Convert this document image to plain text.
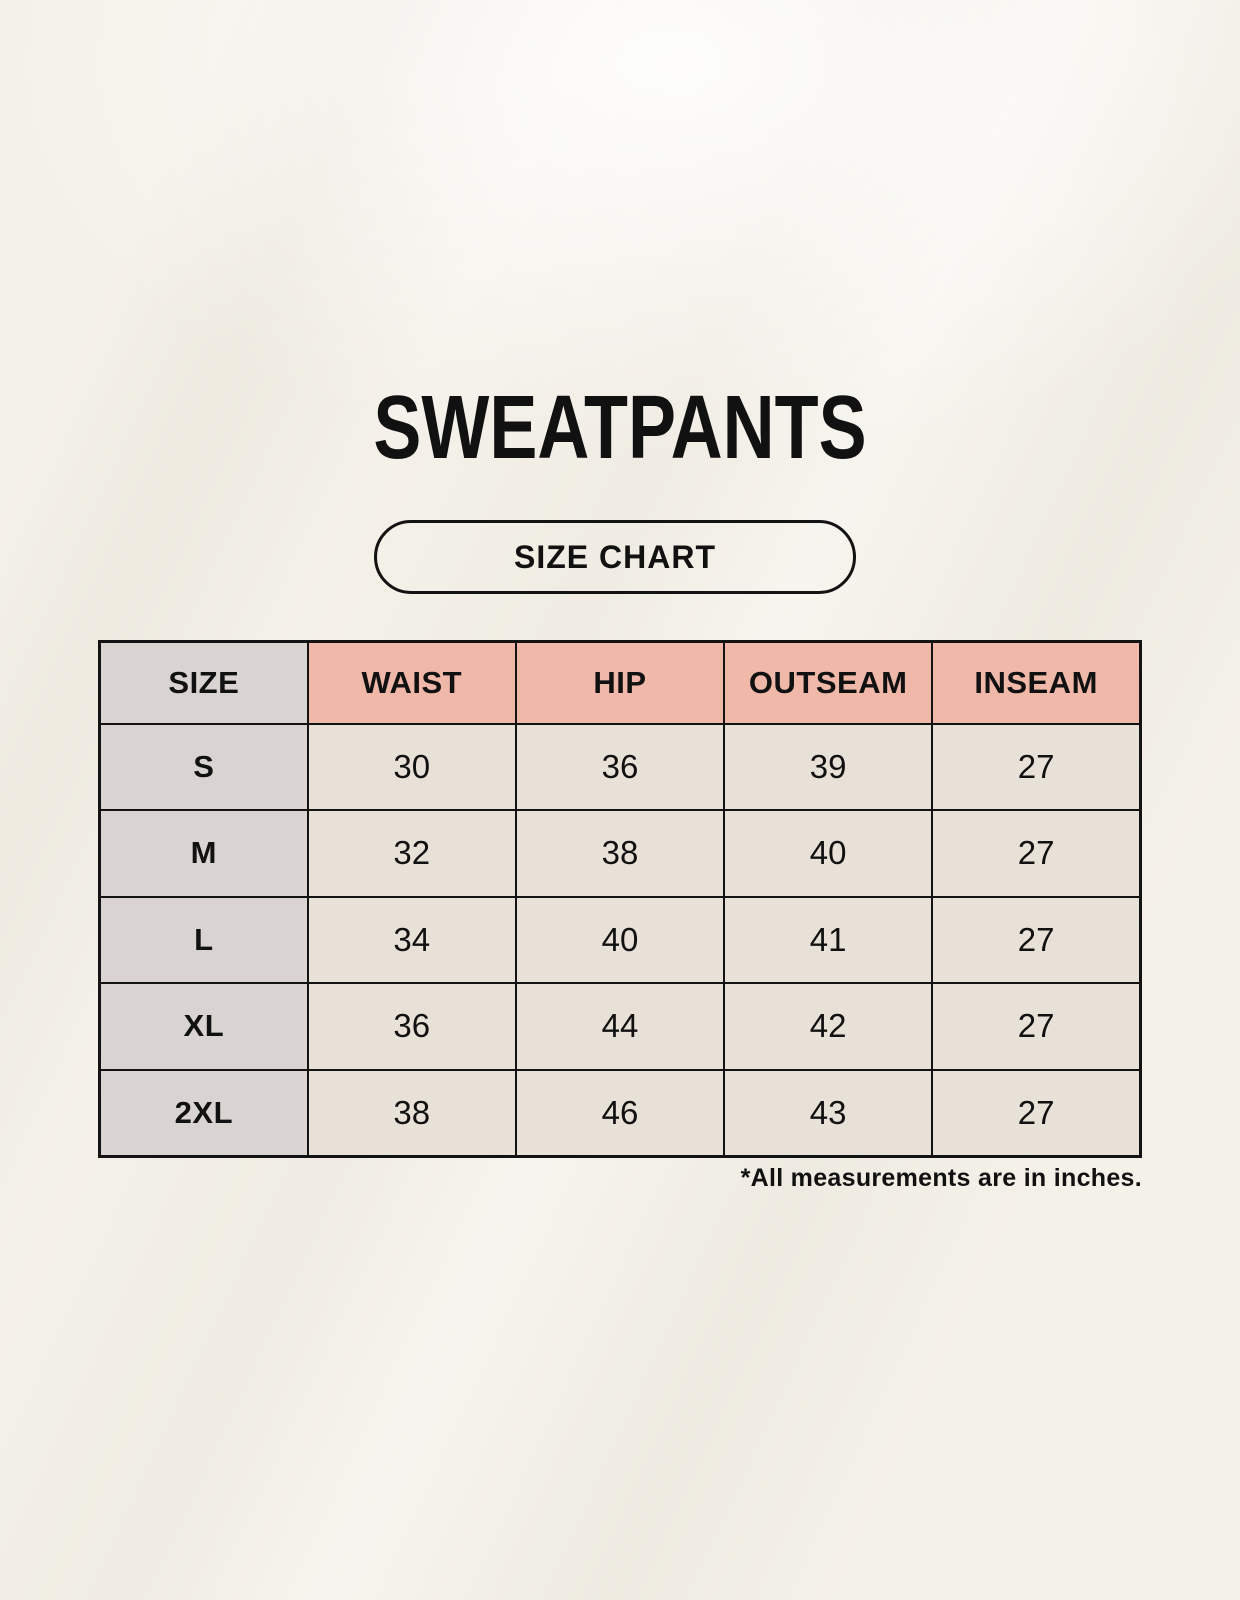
SWEATPANTS
SIZE CHART
SIZE	WAIST	HIP	OUTSEAM	INSEAM
S	30	36	39	27
M	32	38	40	27
L	34	40	41	27
XL	36	44	42	27
2XL	38	46	43	27

*All measurements are in inches.
